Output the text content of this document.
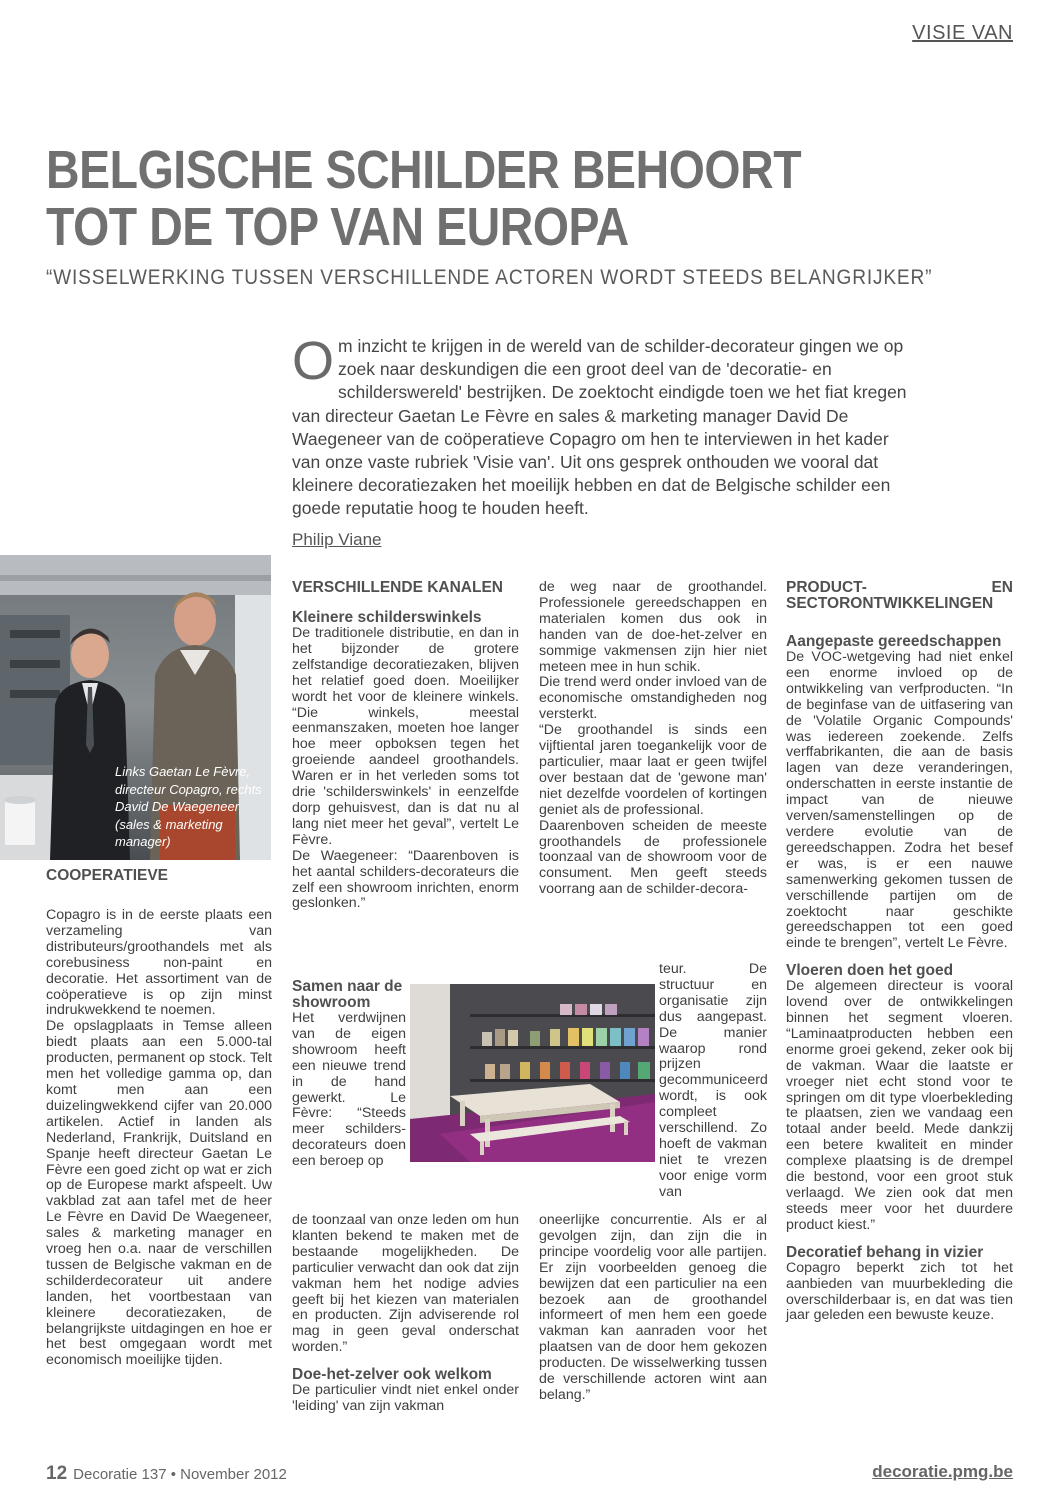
VISIE VAN
BELGISCHE SCHILDER BEHOORT
TOT DE TOP VAN EUROPA
“WISSELWERKING TUSSEN VERSCHILLENDE ACTOREN WORDT STEEDS BELANGRIJKER”
Om inzicht te krijgen in de wereld van de schilder-decorateur gingen we op zoek naar deskundigen die een groot deel van de 'decoratie- en schilderswereld' bestrijken. De zoektocht eindigde toen we het fiat kregen van directeur Gaetan Le Fèvre en sales & marketing manager David De Waegeneer van de coöperatieve Copagro om hen te interviewen in het kader van onze vaste rubriek 'Visie van'. Uit ons gesprek onthouden we vooral dat kleinere decoratiezaken het moeilijk hebben en dat de Belgische schilder een goede reputatie hoog te houden heeft.
Philip Viane
Links Gaetan Le Fèvre, directeur Copagro, rechts David De Waegeneer (sales & marketing manager)
COOPERATIEVE

Copagro is in de eerste plaats een verzameling van distributeurs/groothandels met als corebusiness non-paint en decoratie. Het assortiment van de coöperatieve is op zijn minst indrukwekkend te noemen.

De opslagplaats in Temse alleen biedt plaats aan een 5.000-tal producten, permanent op stock. Telt men het volledige gamma op, dan komt men aan een duizelingwekkend cijfer van 20.000 artikelen. Actief in landen als Nederland, Frankrijk, Duitsland en Spanje heeft directeur Gaetan Le Fèvre een goed zicht op wat er zich op de Europese markt afspeelt. Uw vakblad zat aan tafel met de heer Le Fèvre en David De Waegeneer, sales & marketing manager en vroeg hen o.a. naar de verschillen tussen de Belgische vakman en de schilderdecorateur uit andere landen, het voortbestaan van kleinere decoratiezaken, de belangrijkste uitdagingen en hoe er het best omgegaan wordt met economisch moeilijke tijden.

VERSCHILLENDE KANALEN
Kleinere schilderswinkels

De traditionele distributie, en dan in het bijzonder de grotere zelfstandige decoratiezaken, blijven het relatief goed doen. Moeilijker wordt het voor de kleinere winkels. “Die winkels, meestal eenmanszaken, moeten hoe langer hoe meer opboksen tegen het groeiende aandeel groothandels. Waren er in het verleden soms tot drie 'schilderswinkels' in eenzelfde dorp gehuisvest, dan is dat nu al lang niet meer het geval”, vertelt Le Fèvre.

De Waegeneer: “Daarenboven is het aantal schilders-decorateurs die zelf een showroom inrichten, enorm geslonken.”

Samen naar de showroom

Het verdwijnen van de eigen showroom heeft een nieuwe trend in de hand gewerkt. Le Fèvre: “Steeds meer schilders-decorateurs doen een beroep op

de toonzaal van onze leden om hun klanten bekend te maken met de bestaande mogelijkheden. De particulier verwacht dan ook dat zijn vakman hem het nodige advies geeft bij het kiezen van materialen en producten. Zijn adviserende rol mag in geen geval onderschat worden.”

Doe-het-zelver ook welkom

De particulier vindt niet enkel onder 'leiding' van zijn vakman

de weg naar de groothandel. Professionele gereedschappen en materialen komen dus ook in handen van de doe-het-zelver en sommige vakmensen zijn hier niet meteen mee in hun schik.

Die trend werd onder invloed van de economische omstandigheden nog versterkt.

“De groothandel is sinds een vijftiental jaren toegankelijk voor de particulier, maar laat er geen twijfel over bestaan dat de 'gewone man' niet dezelfde voordelen of kortingen geniet als de professional.

Daarenboven scheiden de meeste groothandels de professionele toonzaal van de showroom voor de consument. Men geeft steeds voorrang aan de schilder-decora-

teur. De structuur en organisatie zijn dus aangepast. De manier waarop rond prijzen gecommuniceerd wordt, is ook compleet verschillend. Zo hoeft de vakman niet te vrezen voor enige vorm van

oneerlijke concurrentie. Als er al gevolgen zijn, dan zijn die in principe voordelig voor alle partijen. Er zijn voorbeelden genoeg die bewijzen dat een particulier na een bezoek aan de groothandel informeert of men hem een goede vakman kan aanraden voor het plaatsen van de door hem gekozen producten. De wisselwerking tussen de verschillende actoren wint aan belang.”

PRODUCT- EN SECTORONTWIKKELINGEN
Aangepaste gereedschappen

De VOC-wetgeving had niet enkel een enorme invloed op de ontwikkeling van verfproducten. “In de beginfase van de uitfasering van de 'Volatile Organic Compounds' was iedereen zoekende. Zelfs verffabrikanten, die aan de basis lagen van deze veranderingen, onderschatten in eerste instantie de impact van de nieuwe verven/samenstellingen op de verdere evolutie van de gereedschappen. Zodra het besef er was, is er een nauwe samenwerking gekomen tussen de verschillende partijen om de zoektocht naar geschikte gereedschappen tot een goed einde te brengen”, vertelt Le Fèvre.

Vloeren doen het goed

De algemeen directeur is vooral lovend over de ontwikkelingen binnen het segment vloeren. “Laminaatproducten hebben een enorme groei gekend, zeker ook bij de vakman. Waar die laatste er vroeger niet echt stond voor te springen om dit type vloerbekleding te plaatsen, zien we vandaag een totaal ander beeld. Mede dankzij een betere kwaliteit en minder complexe plaatsing is de drempel die bestond, voor een groot stuk verlaagd. We zien ook dat men steeds meer voor het duurdere product kiest.”

Decoratief behang in vizier

Copagro beperkt zich tot het aanbieden van muurbekleding die overschilderbaar is, en dat was tien jaar geleden een bewuste keuze.

12 Decoratie 137 • November 2012	decoratie.pmg.be
